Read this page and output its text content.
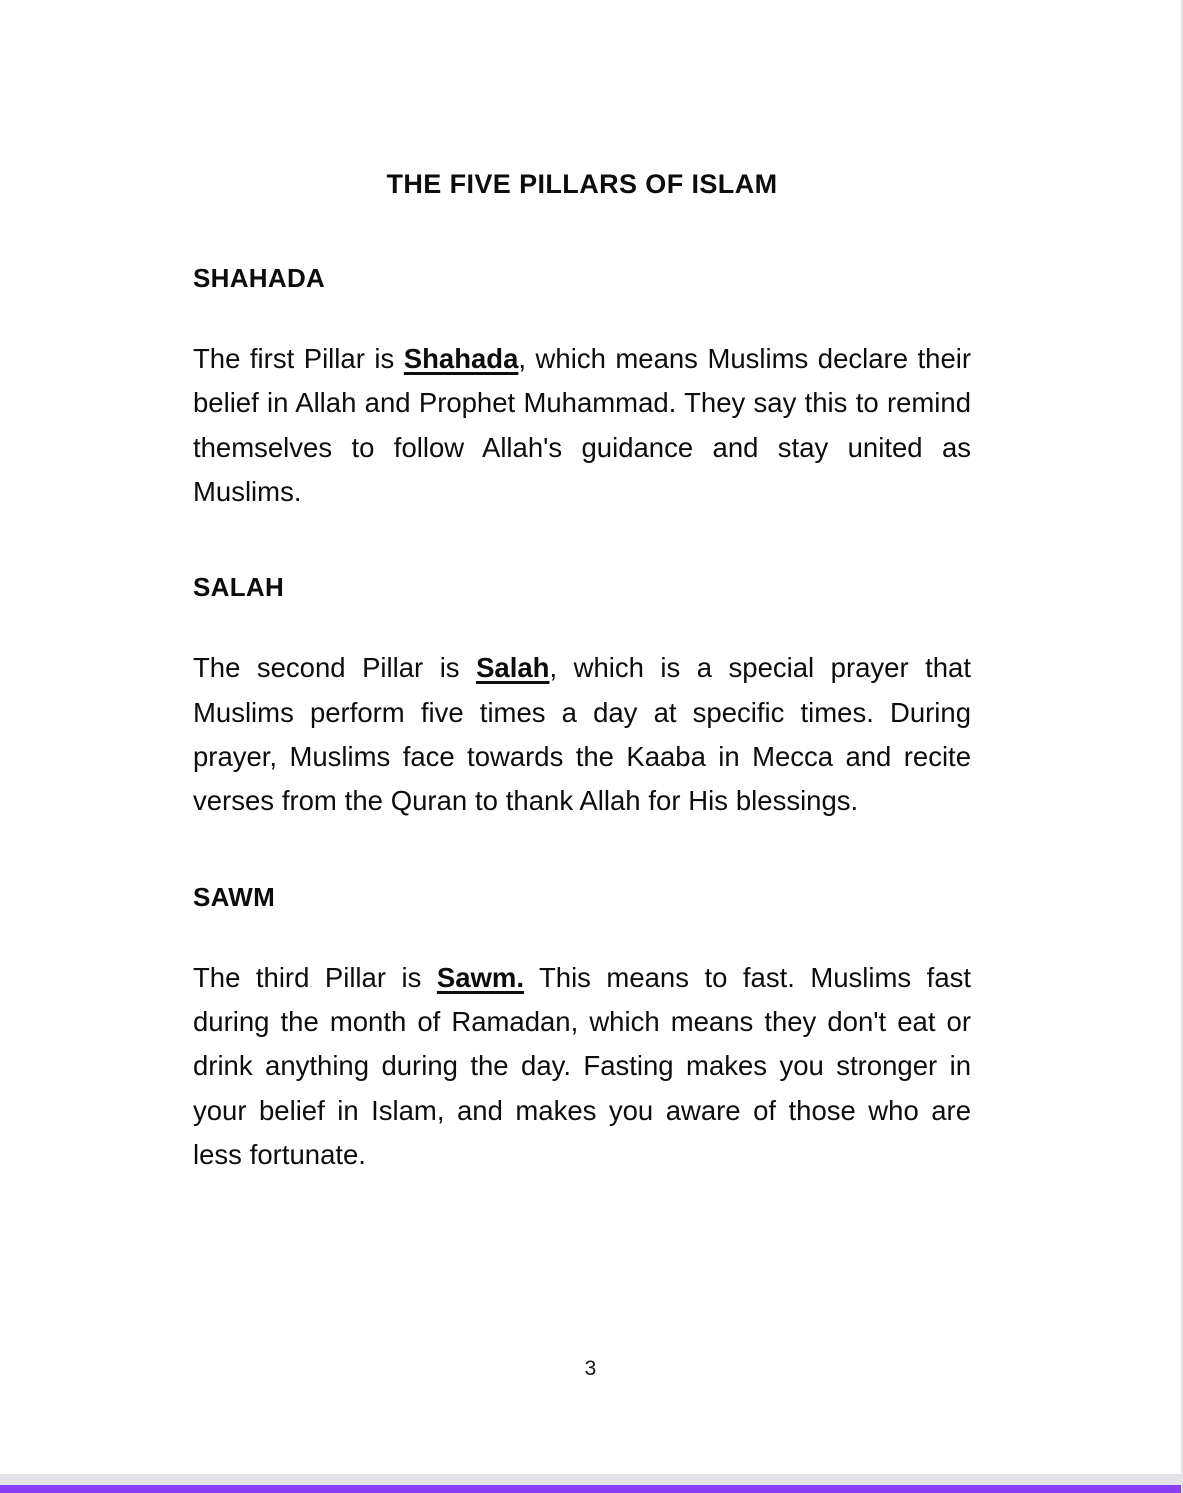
THE FIVE PILLARS OF ISLAM
SHAHADA

The first Pillar is Shahada, which means Muslims declare their belief in Allah and Prophet Muhammad. They say this to remind themselves to follow Allah's guidance and stay united as Muslims.

SALAH

The second Pillar is Salah, which is a special prayer that Muslims perform five times a day at specific times. During prayer, Muslims face towards the Kaaba in Mecca and recite verses from the Quran to thank Allah for His blessings.

SAWM

The third Pillar is Sawm. This means to fast. Muslims fast during the month of Ramadan, which means they don't eat or drink anything during the day. Fasting makes you stronger in your belief in Islam, and makes you aware of those who are less fortunate.

3
